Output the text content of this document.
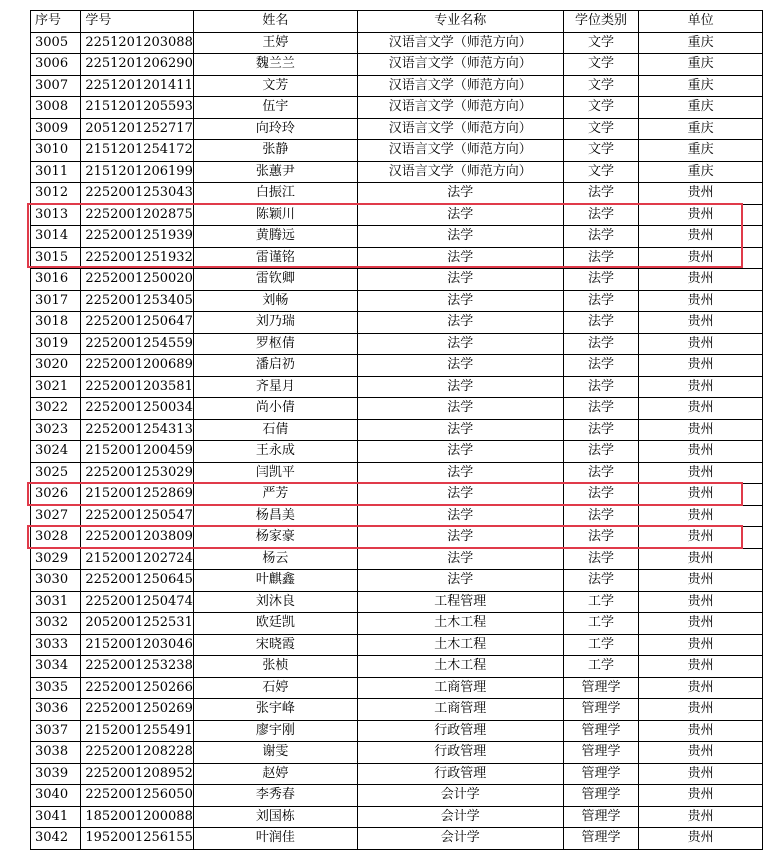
序号	学号	姓名	专业名称	学位类别	单位
3005	2251201203088	王婷	汉语言文学（师范方向）	文学	重庆
3006	2251201206290	魏兰兰	汉语言文学（师范方向）	文学	重庆
3007	2251201201411	文芳	汉语言文学（师范方向）	文学	重庆
3008	2151201205593	伍宇	汉语言文学（师范方向）	文学	重庆
3009	2051201252717	向玲玲	汉语言文学（师范方向）	文学	重庆
3010	2151201254172	张静	汉语言文学（师范方向）	文学	重庆
3011	2151201206199	张蕙尹	汉语言文学（师范方向）	文学	重庆
3012	2252001253043	白振江	法学	法学	贵州
3013	2252001202875	陈颖川	法学	法学	贵州
3014	2252001251939	黄腾远	法学	法学	贵州
3015	2252001251932	雷谨铭	法学	法学	贵州
3016	2252001250020	雷钦卿	法学	法学	贵州
3017	2252001253405	刘畅	法学	法学	贵州
3018	2252001250647	刘乃瑞	法学	法学	贵州
3019	2252001254559	罗枢倩	法学	法学	贵州
3020	2252001200689	潘启礽	法学	法学	贵州
3021	2252001203581	齐星月	法学	法学	贵州
3022	2252001250034	尚小倩	法学	法学	贵州
3023	2252001254313	石倩	法学	法学	贵州
3024	2152001200459	王永成	法学	法学	贵州
3025	2252001253029	闫凯平	法学	法学	贵州
3026	2152001252869	严芳	法学	法学	贵州
3027	2252001250547	杨昌美	法学	法学	贵州
3028	2252001203809	杨家豪	法学	法学	贵州
3029	2152001202724	杨云	法学	法学	贵州
3030	2252001250645	叶麒鑫	法学	法学	贵州
3031	2252001250474	刘沐良	工程管理	工学	贵州
3032	2052001252531	欧廷凯	土木工程	工学	贵州
3033	2152001203046	宋晓霞	土木工程	工学	贵州
3034	2252001253238	张桢	土木工程	工学	贵州
3035	2252001250266	石婷	工商管理	管理学	贵州
3036	2252001250269	张宇峰	工商管理	管理学	贵州
3037	2152001255491	廖宇刚	行政管理	管理学	贵州
3038	2252001208228	谢雯	行政管理	管理学	贵州
3039	2252001208952	赵婷	行政管理	管理学	贵州
3040	2252001256050	李秀春	会计学	管理学	贵州
3041	1852001200088	刘国栋	会计学	管理学	贵州
3042	1952001256155	叶润佳	会计学	管理学	贵州
